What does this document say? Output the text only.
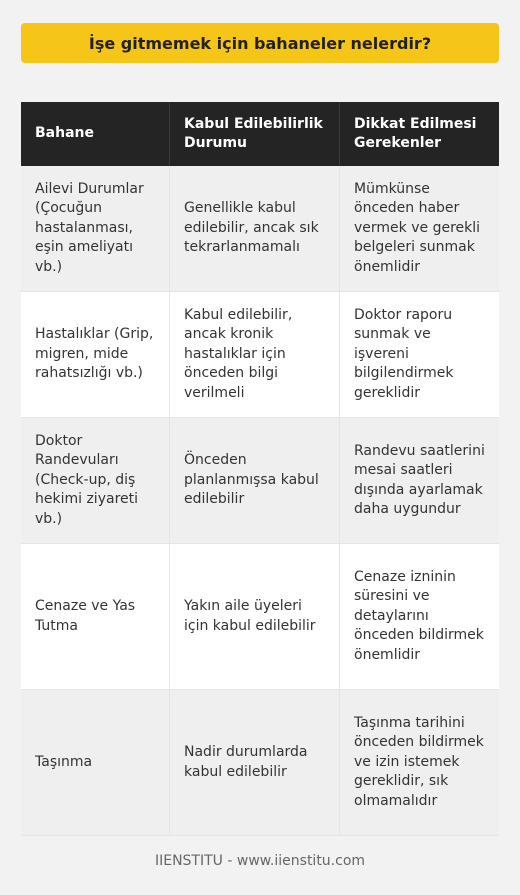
İşe gitmemek için bahaneler nelerdir?
Bahane
Kabul Edilebilirlik Durumu
Dikkat Edilmesi Gerekenler
Ailevi Durumlar (Çocuğun hastalanması, eşin ameliyatı vb.)
Genellikle kabul edilebilir, ancak sık tekrarlanmamalı
Mümkünse önceden haber vermek ve gerekli belgeleri sunmak önemlidir
Hastalıklar (Grip, migren, mide rahatsızlığı vb.)
Kabul edilebilir, ancak kronik hastalıklar için önceden bilgi verilmeli
Doktor raporu sunmak ve işvereni bilgilendirmek gereklidir
Doktor Randevuları (Check-up, diş hekimi ziyareti vb.)
Önceden planlanmışsa kabul edilebilir
Randevu saatlerini mesai saatleri dışında ayarlamak daha uygundur
Cenaze ve Yas Tutma
Yakın aile üyeleri için kabul edilebilir
Cenaze izninin süresini ve detaylarını önceden bildirmek önemlidir
Taşınma
Nadir durumlarda kabul edilebilir
Taşınma tarihini önceden bildirmek ve izin istemek gereklidir, sık olmamalıdır
IIENSTITU - www.iienstitu.com
